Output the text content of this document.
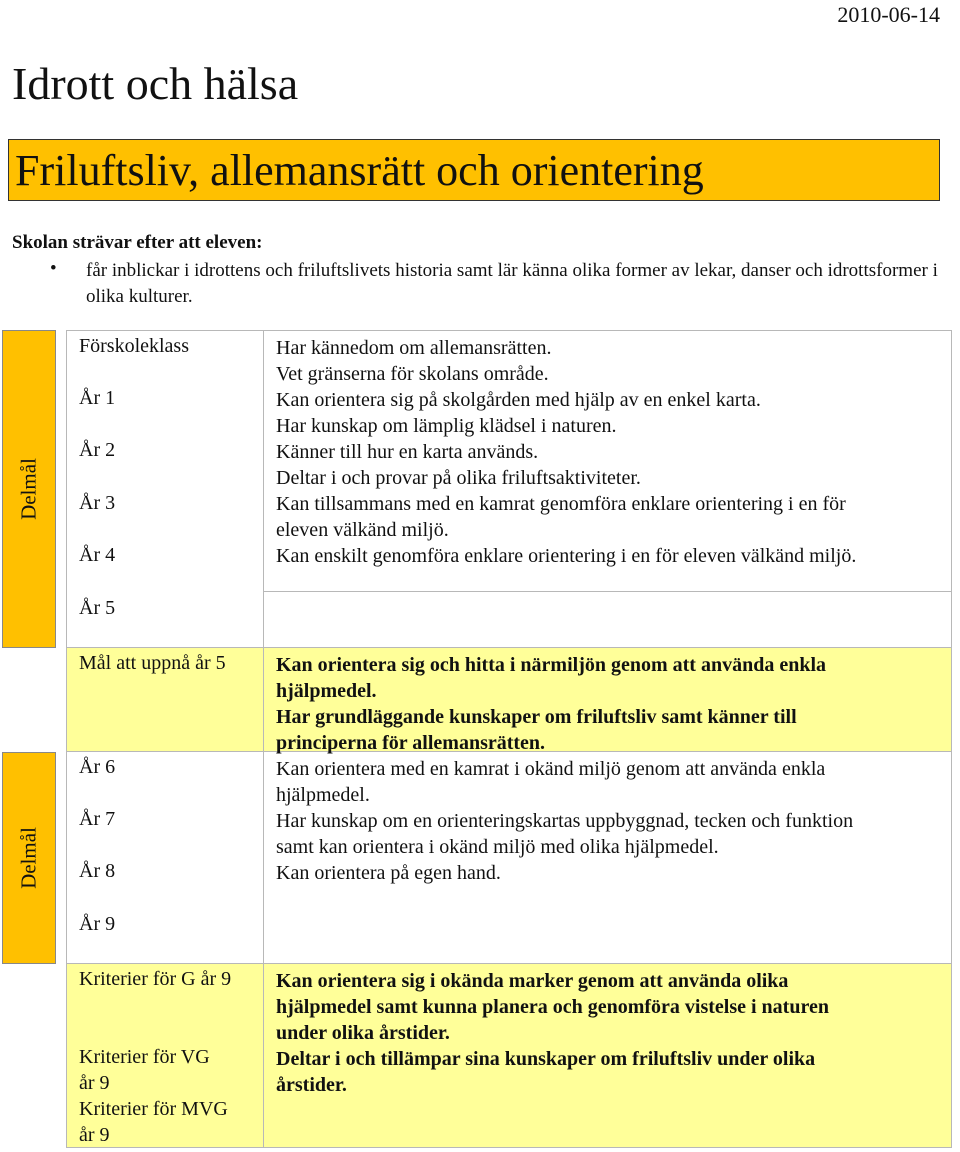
2010-06-14
Idrott och hälsa
Friluftsliv, allemansrätt och orientering
Skolan strävar efter att eleven:
• får inblickar i idrottens och friluftslivets historia samt lär känna olika former av lekar, danser och idrottsformer i olika kulturer.
Delmål
Delmål
Förskoleklass
År 1
År 2
År 3
År 4
År 5
Har kännedom om allemansrätten.
Vet gränserna för skolans område.
Kan orientera sig på skolgården med hjälp av en enkel karta.
Har kunskap om lämplig klädsel i naturen.
Känner till hur en karta används.
Deltar i och provar på olika friluftsaktiviteter.
Kan tillsammans med en kamrat genomföra enklare orientering i en för
eleven välkänd miljö.
Kan enskilt genomföra enklare orientering i en för eleven välkänd miljö.
Mål att uppnå år 5	Kan orientera sig och hitta i närmiljön genom att använda enkla
hjälpmedel.
Har grundläggande kunskaper om friluftsliv samt känner till
principerna för allemansrätten.
År 6
År 7
År 8
År 9
Kan orientera med en kamrat i okänd miljö genom att använda enkla
hjälpmedel.
Har kunskap om en orienteringskartas uppbyggnad, tecken och funktion
samt kan orientera i okänd miljö med olika hjälpmedel.
Kan orientera på egen hand.
Kriterier för G år 9
Kriterier för VG
år 9
Kriterier för MVG
år 9
Kan orientera sig i okända marker genom att använda olika
hjälpmedel samt kunna planera och genomföra vistelse i naturen
under olika årstider.
Deltar i och tillämpar sina kunskaper om friluftsliv under olika
årstider.
